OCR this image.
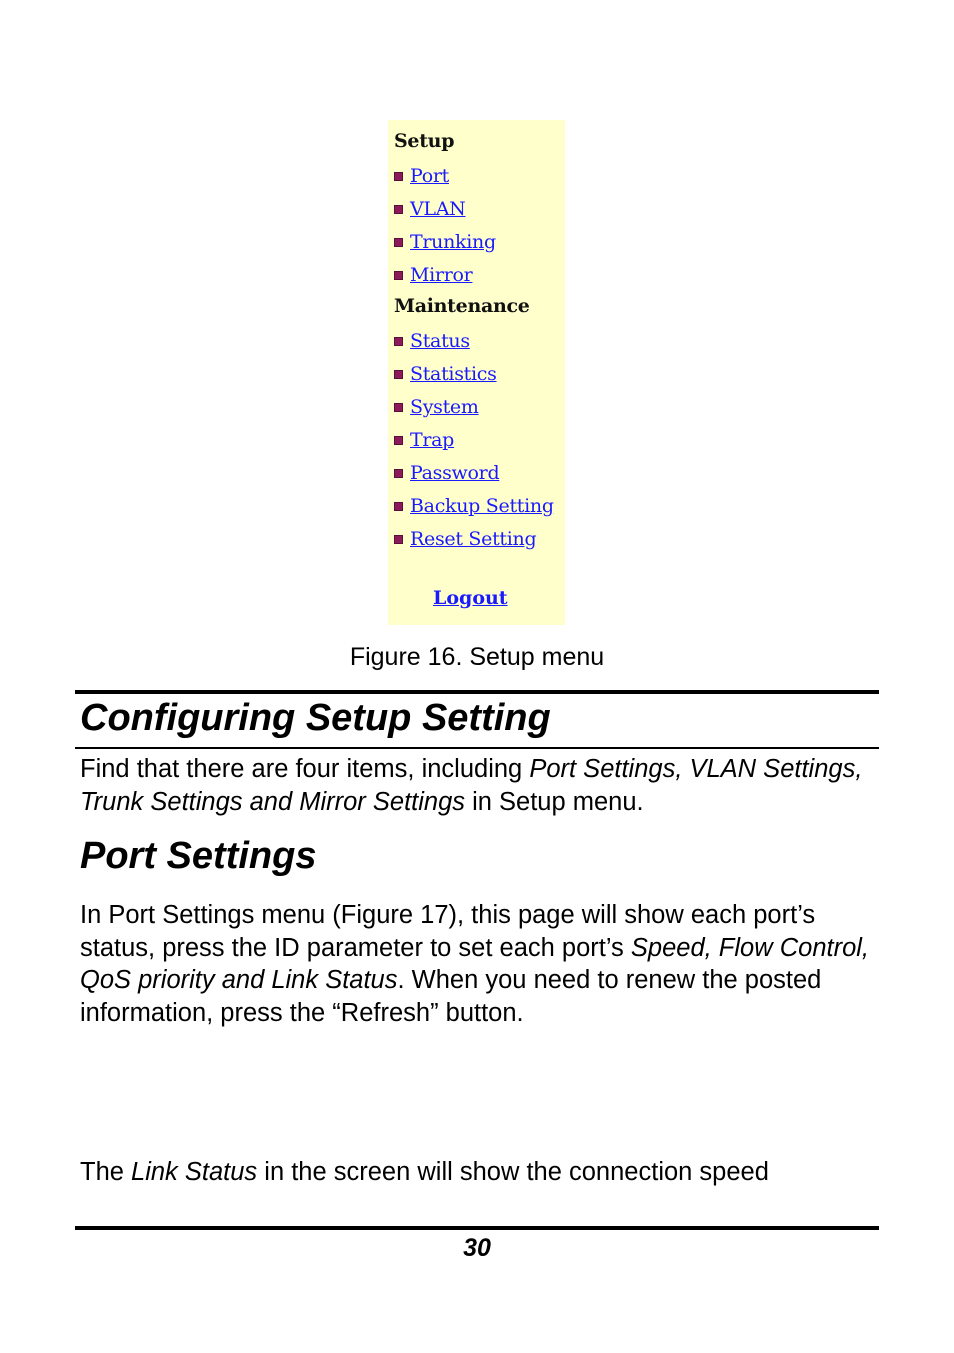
Setup
Port
VLAN
Trunking
Mirror
Maintenance
Status
Statistics
System
Trap
Password
Backup Setting
Reset Setting
Logout
Figure 16. Setup menu
Configuring Setup Setting
Find that there are four items, including Port Settings, VLAN Settings, Trunk Settings and Mirror Settings in Setup menu.
Port Settings
In Port Settings menu (Figure 17), this page will show each port’s status, press the ID parameter to set each port’s Speed, Flow Control, QoS priority and Link Status. When you need to renew the posted information, press the “Refresh” button.
The Link Status in the screen will show the connection speed
30
